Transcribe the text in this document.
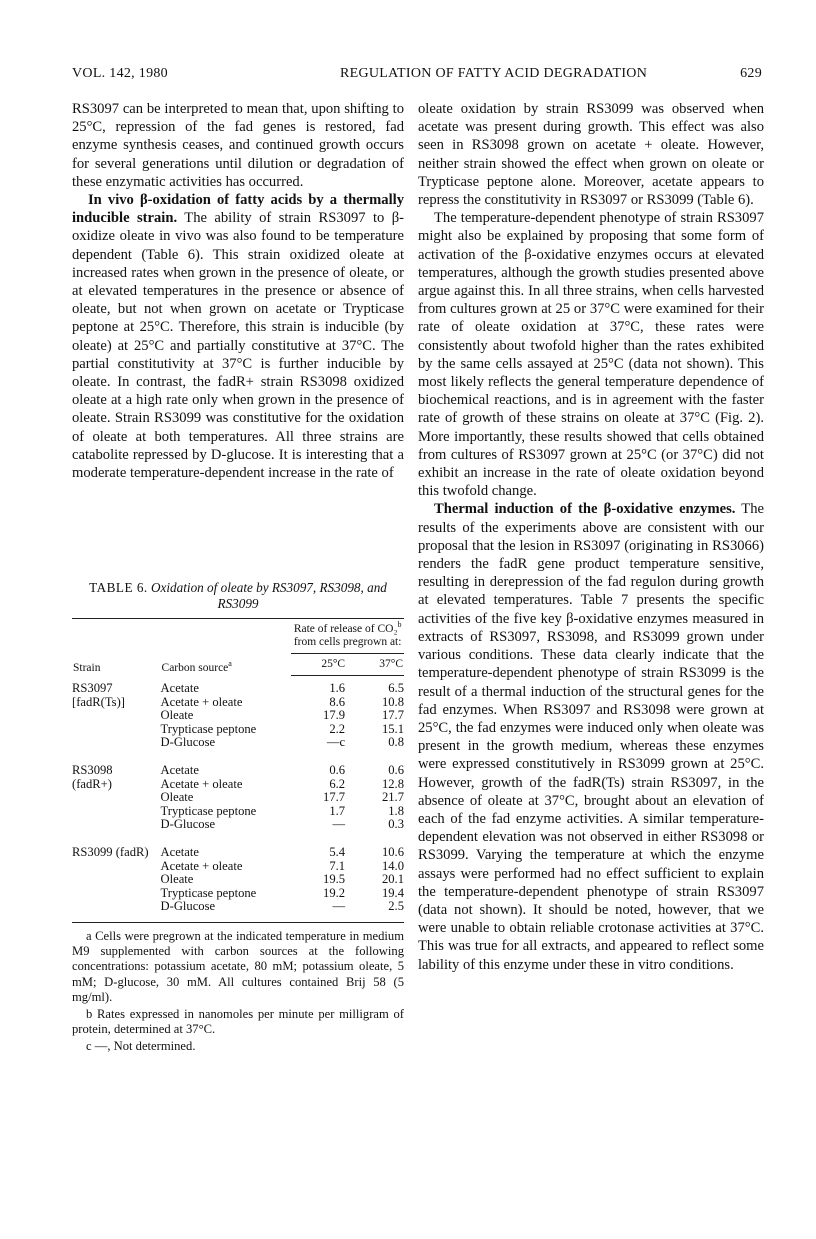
VOL. 142, 1980	REGULATION OF FATTY ACID DEGRADATION	629

RS3097 can be interpreted to mean that, upon shifting to 25°C, repression of the fad genes is restored, fad enzyme synthesis ceases, and continued growth occurs for several generations until dilution or degradation of these enzymatic activities has occurred.

In vivo β-oxidation of fatty acids by a thermally inducible strain. The ability of strain RS3097 to β-oxidize oleate in vivo was also found to be temperature dependent (Table 6). This strain oxidized oleate at increased rates when grown in the presence of oleate, or at elevated temperatures in the presence or absence of oleate, but not when grown on acetate or Trypticase peptone at 25°C. Therefore, this strain is inducible (by oleate) at 25°C and partially constitutive at 37°C. The partial constitutivity at 37°C is further inducible by oleate. In contrast, the fadR+ strain RS3098 oxidized oleate at a high rate only when grown in the presence of oleate. Strain RS3099 was constitutive for the oxidation of oleate at both temperatures. All three strains are catabolite repressed by D-glucose. It is interesting that a moderate temperature-dependent increase in the rate of

TABLE 6. Oxidation of oleate by RS3097, RS3098, and RS3099
Strain	Carbon source$^a$	Rate of release of CO₂$^b$ from cells pregrown at:	
		25°C	37°C
RS3097	Acetate	1.6	6.5
[fadR(Ts)]	Acetate + oleate	8.6	10.8
	Oleate	17.9	17.7
	Trypticase peptone	2.2	15.1
	D-Glucose	—c	0.8
RS3098	Acetate	0.6	0.6
(fadR+)	Acetate + oleate	6.2	12.8
	Oleate	17.7	21.7
	Trypticase peptone	1.7	1.8
	D-Glucose	—	0.3
RS3099 (fadR)	Acetate	5.4	10.6
	Acetate + oleate	7.1	14.0
	Oleate	19.5	20.1
	Trypticase peptone	19.2	19.4
	D-Glucose	—	2.5

a Cells were pregrown at the indicated temperature in medium M9 supplemented with carbon sources at the following concentrations: potassium acetate, 80 mM; potassium oleate, 5 mM; D-glucose, 30 mM. All cultures contained Brij 58 (5 mg/ml).

b Rates expressed in nanomoles per minute per milligram of protein, determined at 37°C.

c —, Not determined.

oleate oxidation by strain RS3099 was observed when acetate was present during growth. This effect was also seen in RS3098 grown on acetate + oleate. However, neither strain showed the effect when grown on oleate or Trypticase peptone alone. Moreover, acetate appears to repress the constitutivity in RS3097 or RS3099 (Table 6).

The temperature-dependent phenotype of strain RS3097 might also be explained by proposing that some form of activation of the β-oxidative enzymes occurs at elevated temperatures, although the growth studies presented above argue against this. In all three strains, when cells harvested from cultures grown at 25 or 37°C were examined for their rate of oleate oxidation at 37°C, these rates were consistently about twofold higher than the rates exhibited by the same cells assayed at 25°C (data not shown). This most likely reflects the general temperature dependence of biochemical reactions, and is in agreement with the faster rate of growth of these strains on oleate at 37°C (Fig. 2). More importantly, these results showed that cells obtained from cultures of RS3097 grown at 25°C (or 37°C) did not exhibit an increase in the rate of oleate oxidation beyond this twofold change.

Thermal induction of the β-oxidative enzymes. The results of the experiments above are consistent with our proposal that the lesion in RS3097 (originating in RS3066) renders the fadR gene product temperature sensitive, resulting in derepression of the fad regulon during growth at elevated temperatures. Table 7 presents the specific activities of the five key β-oxidative enzymes measured in extracts of RS3097, RS3098, and RS3099 grown under various conditions. These data clearly indicate that the temperature-dependent phenotype of strain RS3099 is the result of a thermal induction of the structural genes for the fad enzymes. When RS3097 and RS3098 were grown at 25°C, the fad enzymes were induced only when oleate was present in the growth medium, whereas these enzymes were expressed constitutively in RS3099 grown at 25°C. However, growth of the fadR(Ts) strain RS3097, in the absence of oleate at 37°C, brought about an elevation of each of the fad enzyme activities. A similar temperature-dependent elevation was not observed in either RS3098 or RS3099. Varying the temperature at which the enzyme assays were performed had no effect sufficient to explain the temperature-dependent phenotype of strain RS3097 (data not shown). It should be noted, however, that we were unable to obtain reliable crotonase activities at 37°C. This was true for all extracts, and appeared to reflect some lability of this enzyme under these in vitro conditions.
